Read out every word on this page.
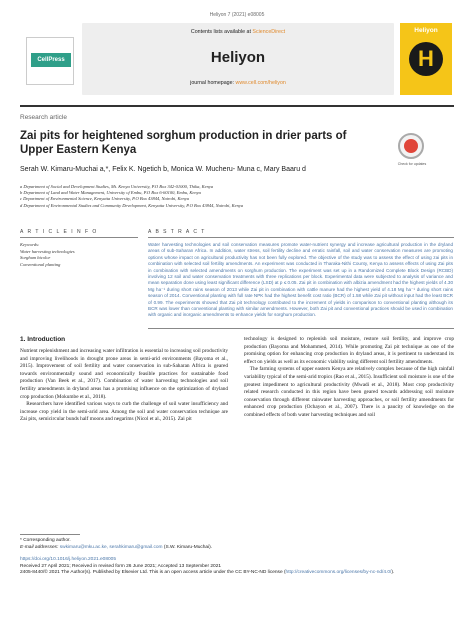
Heliyon 7 (2021) e08005
CellPress
Contents lists available at ScienceDirect
Heliyon
journal homepage: www.cell.com/heliyon
Heliyon
H
Research article
Zai pits for heightened sorghum production in drier parts of Upper Eastern Kenya
Check for updates
Serah W. Kimaru-Muchai a,*, Felix K. Ngetich b, Monica W. Mucheru- Muna c, Mary Baaru d
a Department of Social and Development Studies, Mt. Kenya University, P.O Box 342-01000, Thika, Kenya
b Department of Land and Water Management, University of Embu, P.O Box 6-60100, Embu, Kenya
c Department of Environmental Science, Kenyatta University, P.O Box 43844, Nairobi, Kenya
d Department of Environmental Studies and Community Development, Kenyatta University, P.O Box 43844, Nairobi, Kenya
A R T I C L E I N F O	A B S T R A C T
Keywords:
Water harvesting technologies
Sorghum bicolor
Conventional planting
Water harvesting technologies and soil conservation measures promote water-nutrient synergy and increase agricultural production in the dryland areas of sub-Saharan Africa. In addition, water stress, soil fertility decline and erratic rainfall, soil and water conservation measures are promoting options whose impact on agricultural productivity has not been fully explored. The objective of the study was to assess the effect of using zai pits in combination with selected soil fertility amendments. An experiment was conducted in Tharaka-Nithi County, Kenya to assess effects of using Zai pits in combination with selected amendments on sorghum production. The experiment was set up in a Randomized Complete Block Design (RCBD) involving 12 soil and water conservation treatments with three replications per block. Experimental data were subjected to analysis of variance and mean separation done using least significant difference (LSD) at p ≤ 0.05. Zai pit in combination with albizia amendment had the highest yields of 4.30 Mg ha⁻¹ during short rains season of 2013 while Zai pit in combination with cattle manure had the highest yield of 4.18 Mg ha⁻¹ during short rains season of 2014. Conventional planting with full rate NPK had the highest benefit cost ratio (BCR) of 1.58 while Zai pit without input had the least BCR of 0.99. The experiments showed that Zai pit technology contributed to the increment of yields in comparison to conventional planting although its BCR was lower than conventional planting with similar amendments. However, both Zai pit and conventional practices should be used in combination with organic and inorganic amendments to enhance yields for sorghum production.
1. Introduction
Nutrient replenishment and increasing water infiltration is essential to increasing soil productivity and improving livelihoods in drought prone areas in semi-arid environments (Bayoma et al., 2015). Improvement of soil fertility and water conservation in sub-Saharan Africa is geared towards environmentally sound and economically feasible practices for sustainable food production (Van Beek et al., 2017). Combination of water harvesting technologies and soil fertility amendments in dryland areas has a promising influence on the optimization of dryland crop production (Mokumbe et al., 2018).
Researchers have identified various ways to curb the challenge of soil water insufficiency and increase crop yield in the semi-arid area. Among the soil and water conservation technique are Zai pits, semicircular bunds half moons and negarims (Nicol et al., 2015). Zai pit
technology is designed to replenish soil moisture, restore soil fertility, and improve crop production (Bayoma and Mohammed, 2014). While promoting Zai pit technique as one of the promising option for enhancing crop production in dryland areas, it is pertinent to understand its effect on yields as well as its economic viability using different soil fertility amendments.
The farming systems of upper eastern Kenya are relatively complex because of the high rainfall variability typical of the semi-arid tropics (Rao et al., 2015). Insufficient soil moisture is one of the greatest impediment to agricultural productivity (Mwadi et al., 2018). Most crop productivity related research conducted in this region have been geared towards addressing soil moisture conservation through different rainwater harvesting approaches, or soil fertility amendments for enhanced crop production (Ochayon et al., 2007). There is a paucity of knowledge on the combined effects of both water harvesting techniques and soil
* Corresponding author.
E-mail addresses: swkimaru@mku.ac.ke, serahkimaru@gmail.com (S.W. Kimaru-Muchai).
https://doi.org/10.1016/j.heliyon.2021.e08005
Received 27 April 2021; Received in revised form 26 June 2021; Accepted 13 September 2021
2405-8440/© 2021 The Author(s). Published by Elsevier Ltd. This is an open access article under the CC BY-NC-ND license (http://creativecommons.org/licenses/by-nc-nd/4.0/).
